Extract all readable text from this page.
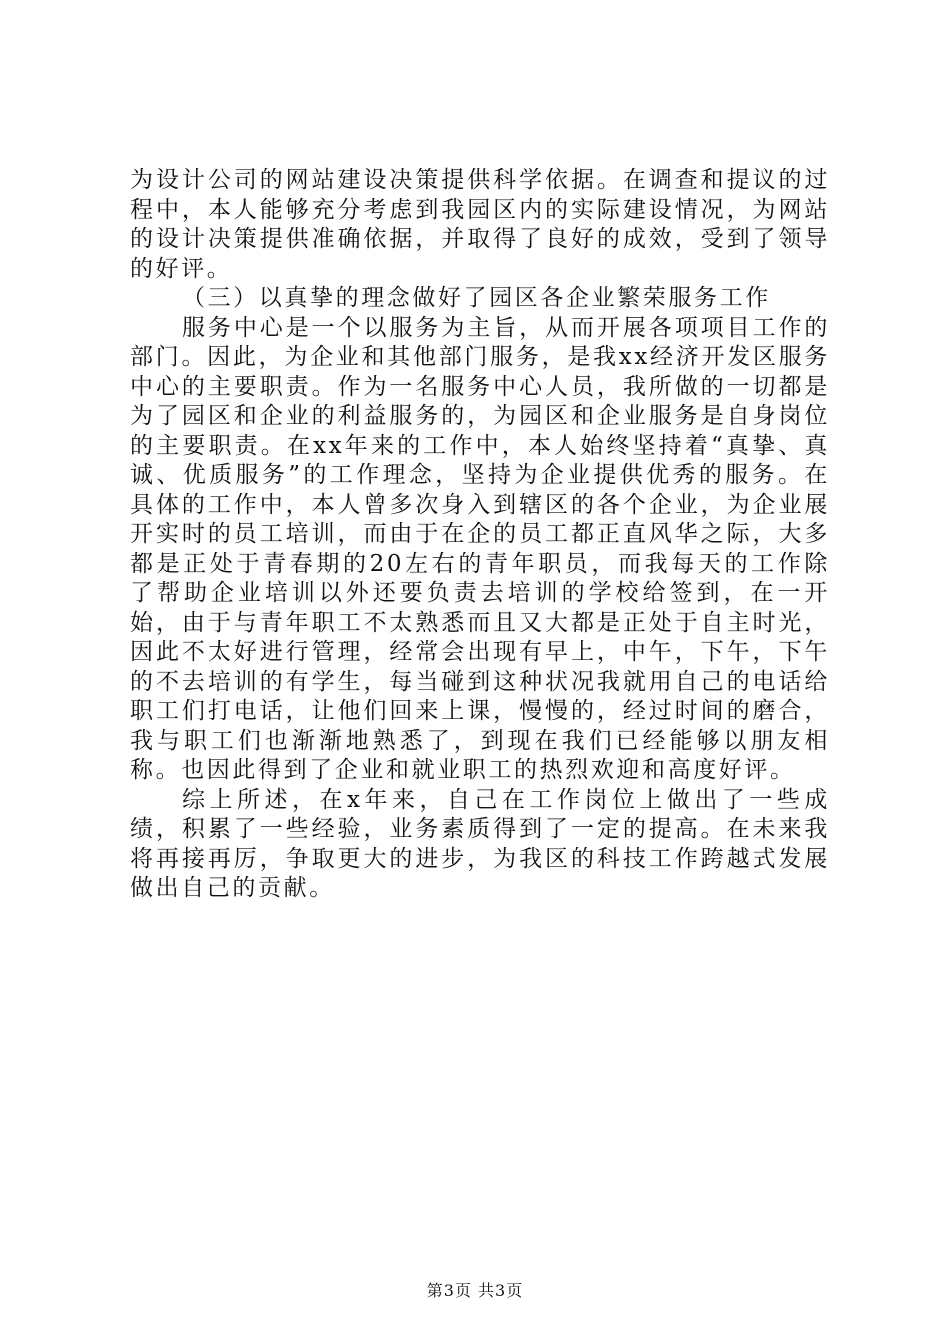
为设计公司的网站建设决策提供科学依据。在调查和提议的过程中，本人能够充分考虑到我园区内的实际建设情况，为网站的设计决策提供准确依据，并取得了良好的成效，受到了领导的好评。

（三）以真挚的理念做好了园区各企业繁荣服务工作

服务中心是一个以服务为主旨，从而开展各项项目工作的部门。因此，为企业和其他部门服务，是我xx经济开发区服务中心的主要职责。作为一名服务中心人员，我所做的一切都是为了园区和企业的利益服务的，为园区和企业服务是自身岗位的主要职责。在xx年来的工作中，本人始终坚持着“真挚、真诚、优质服务”的工作理念，坚持为企业提供优秀的服务。在具体的工作中，本人曾多次身入到辖区的各个企业，为企业展开实时的员工培训，而由于在企的员工都正直风华之际，大多都是正处于青春期的20左右的青年职员，而我每天的工作除了帮助企业培训以外还要负责去培训的学校给签到，在一开始，由于与青年职工不太熟悉而且又大都是正处于自主时光，因此不太好进行管理，经常会出现有早上，中午，下午，下午的不去培训的有学生，每当碰到这种状况我就用自己的电话给职工们打电话，让他们回来上课，慢慢的，经过时间的磨合，我与职工们也渐渐地熟悉了，到现在我们已经能够以朋友相称。也因此得到了企业和就业职工的热烈欢迎和高度好评。

综上所述，在x年来，自己在工作岗位上做出了一些成绩，积累了一些经验，业务素质得到了一定的提高。在未来我将再接再厉，争取更大的进步，为我区的科技工作跨越式发展做出自己的贡献。

第3页 共3页
